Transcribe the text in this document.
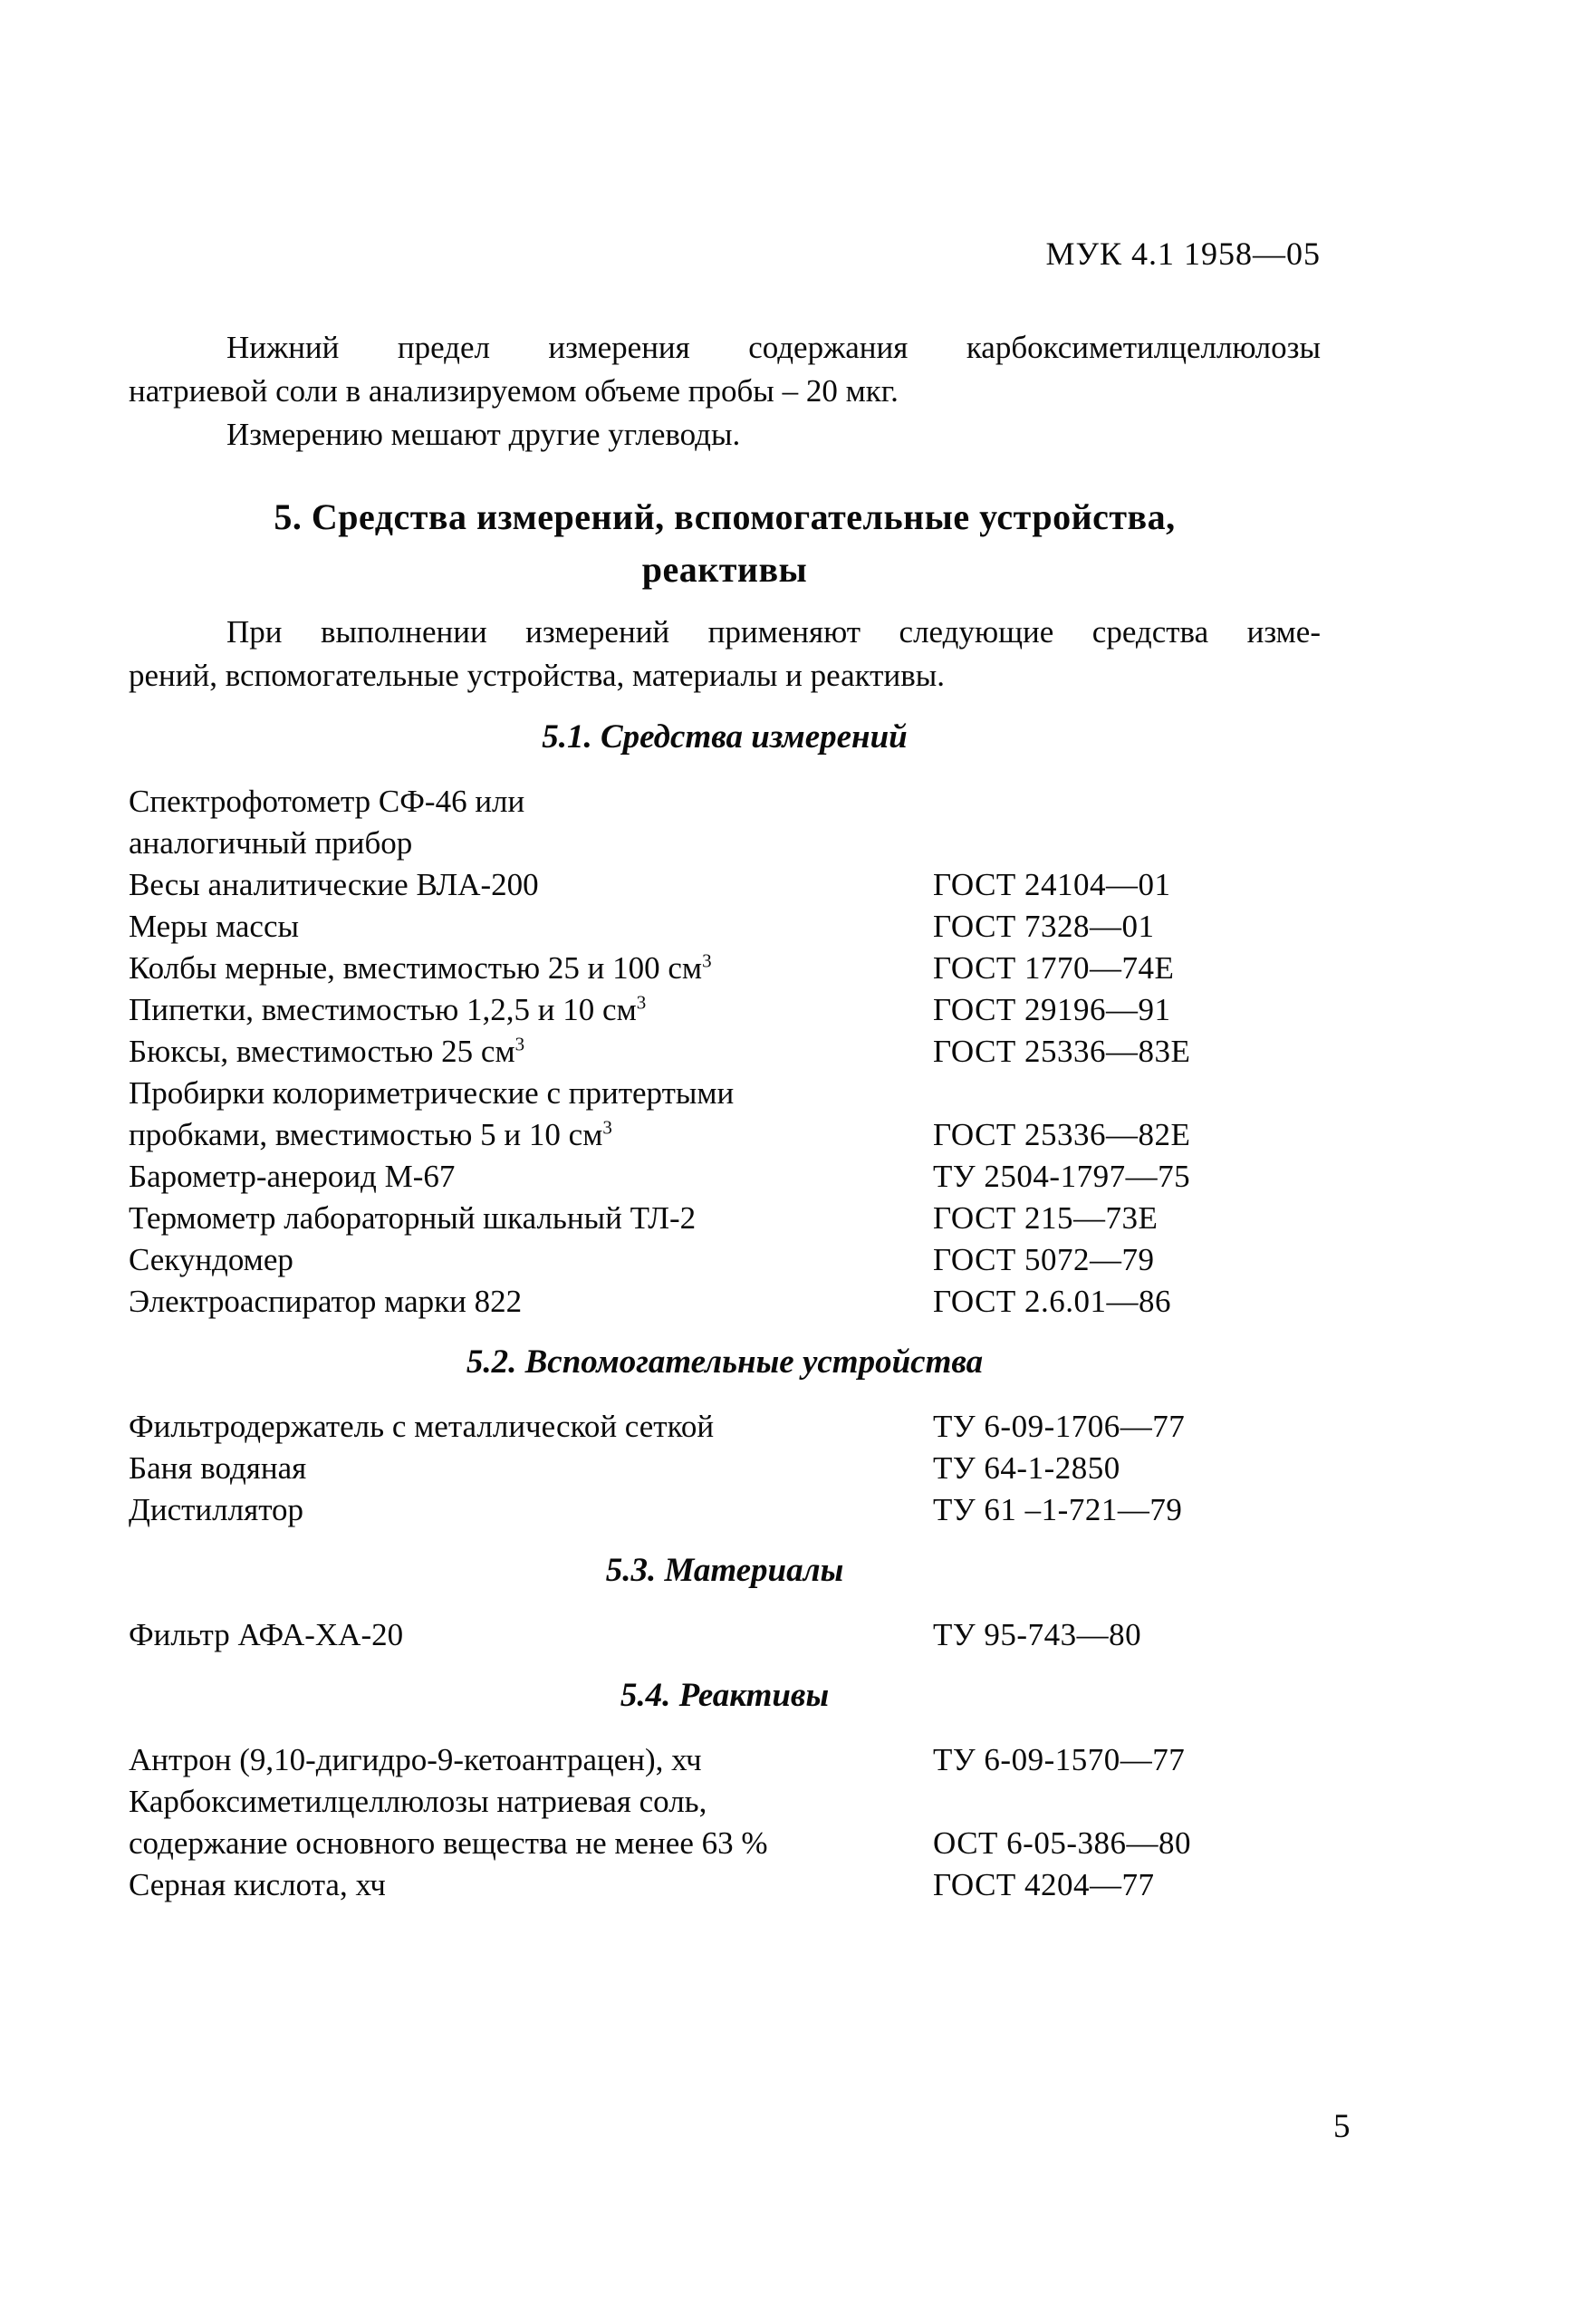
МУК 4.1 1958—05
Нижний предел измерения содержания карбоксиметилцеллюлозы
натриевой соли в анализируемом объеме пробы – 20 мкг.
Измерению мешают другие углеводы.
5. Средства измерений, вспомогательные устройства,
реактивы
При выполнении измерений применяют следующие средства изме-
рений, вспомогательные устройства, материалы и реактивы.
5.1. Средства измерений
Спектрофотометр СФ-46 или
аналогичный прибор
Весы аналитические ВЛА-200	ГОСТ 24104—01
Меры массы	ГОСТ 7328—01
Колбы мерные, вместимостью 25 и 100 $см^3$	ГОСТ 1770—74Е
Пипетки, вместимостью 1,2,5 и 10 $см^3$	ГОСТ 29196—91
Бюксы, вместимостью 25 $см^3$	ГОСТ 25336—83Е
Пробирки колориметрические с притертыми
пробками, вместимостью 5 и 10 $см^3$	ГОСТ 25336—82Е
Барометр-анероид М-67	ТУ 2504-1797—75
Термометр лабораторный шкальный ТЛ-2	ГОСТ 215—73Е
Секундомер	ГОСТ 5072—79
Электроаспиратор марки 822	ГОСТ 2.6.01—86
5.2. Вспомогательные устройства
Фильтродержатель с металлической сеткой	ТУ 6-09-1706—77
Баня водяная	ТУ 64-1-2850
Дистиллятор	ТУ 61 –1-721—79
5.3. Материалы
Фильтр АФА-ХА-20	ТУ 95-743—80
5.4. Реактивы
Антрон (9,10-дигидро-9-кетоантрацен), хч	ТУ 6-09-1570—77
Карбоксиметилцеллюлозы натриевая соль,
содержание основного вещества не менее 63 %	ОСТ 6-05-386—80
Серная кислота, хч	ГОСТ 4204—77
5
